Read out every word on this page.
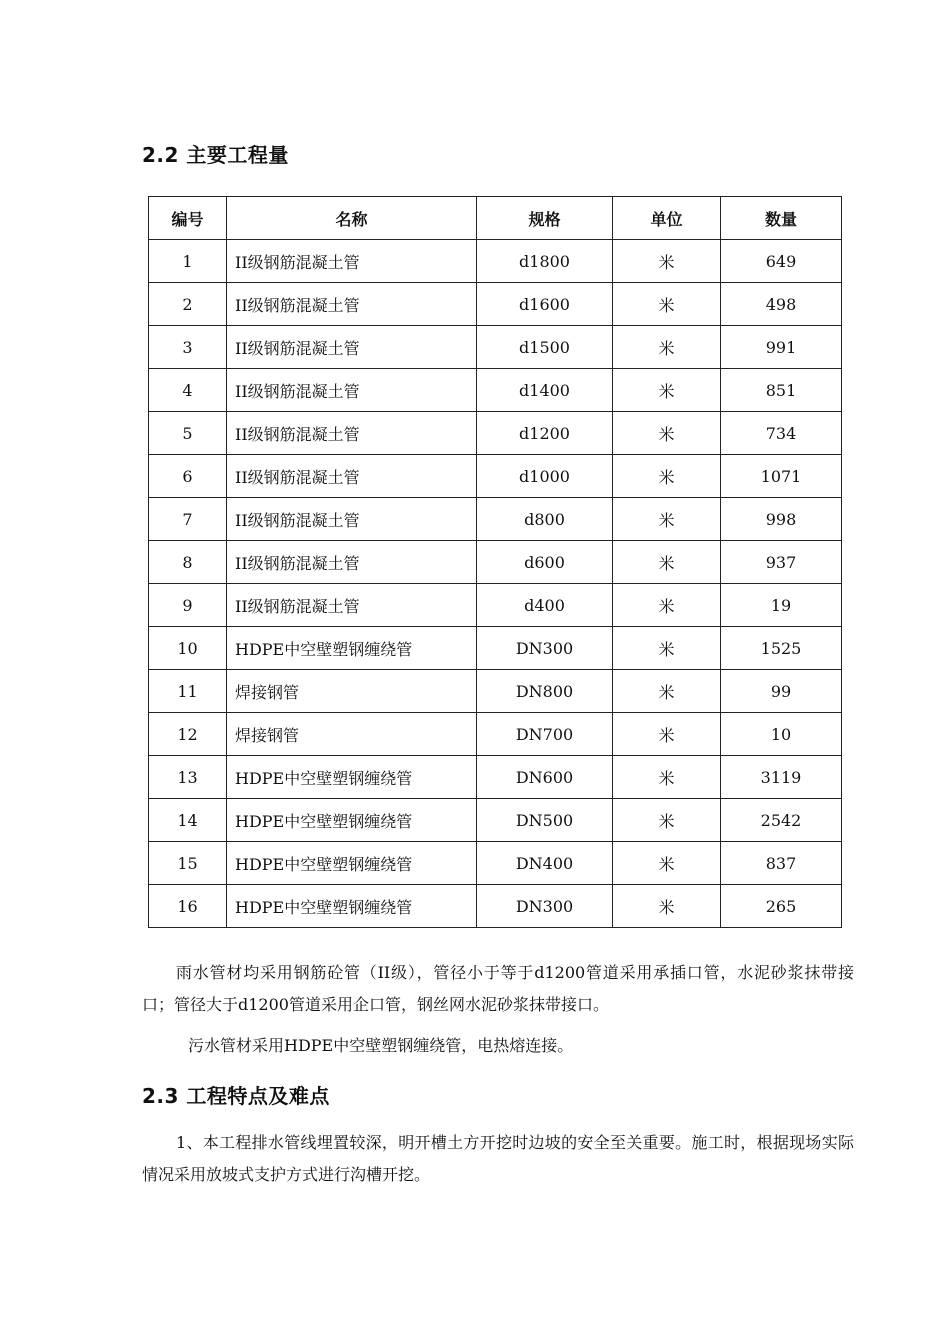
2.2 主要工程量
编号	名称	规格	单位	数量
1	II级钢筋混凝土管	d1800	米	649
2	II级钢筋混凝土管	d1600	米	498
3	II级钢筋混凝土管	d1500	米	991
4	II级钢筋混凝土管	d1400	米	851
5	II级钢筋混凝土管	d1200	米	734
6	II级钢筋混凝土管	d1000	米	1071
7	II级钢筋混凝土管	d800	米	998
8	II级钢筋混凝土管	d600	米	937
9	II级钢筋混凝土管	d400	米	19
10	HDPE中空壁塑钢缠绕管	DN300	米	1525
11	焊接钢管	DN800	米	99
12	焊接钢管	DN700	米	10
13	HDPE中空壁塑钢缠绕管	DN600	米	3119
14	HDPE中空壁塑钢缠绕管	DN500	米	2542
15	HDPE中空壁塑钢缠绕管	DN400	米	837
16	HDPE中空壁塑钢缠绕管	DN300	米	265

雨水管材均采用钢筋砼管（II级），管径小于等于d1200管道采用承插口管，水泥砂浆抹带接口；管径大于d1200管道采用企口管，钢丝网水泥砂浆抹带接口。

污水管材采用HDPE中空壁塑钢缠绕管，电热熔连接。

2.3 工程特点及难点

1、本工程排水管线埋置较深，明开槽土方开挖时边坡的安全至关重要。施工时，根据现场实际情况采用放坡式支护方式进行沟槽开挖。
